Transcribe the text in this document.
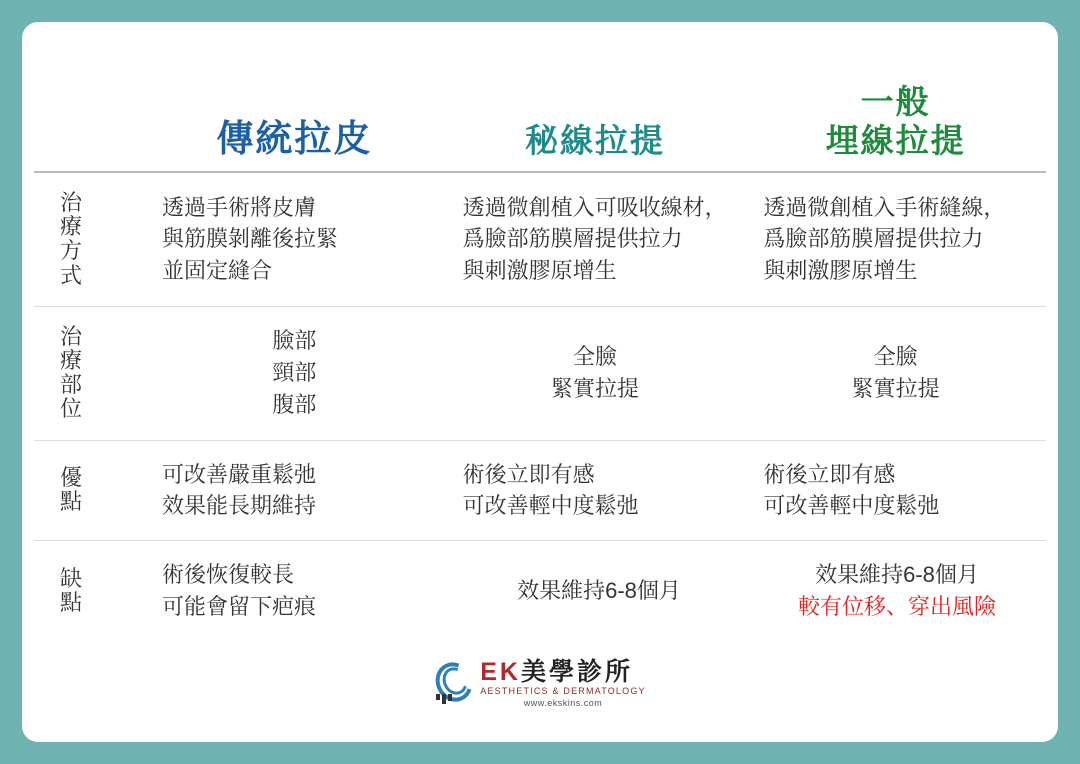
傳統拉皮	秘線拉提
一般
埋線拉提
治
療
方
式

透過手術將皮膚

與筋膜剝離後拉緊

並固定縫合

透過微創植入可吸收線材，

爲臉部筋膜層提供拉力

與刺激膠原增生

透過微創植入手術縫線，

爲臉部筋膜層提供拉力

與刺激膠原增生

治
療
部
位

臉部

頸部

腹部

全臉

緊實拉提

全臉

緊實拉提

優
點

可改善嚴重鬆弛

效果能長期維持

術後立即有感

可改善輕中度鬆弛

術後立即有感

可改善輕中度鬆弛

缺
點

術後恢復較長

可能會留下疤痕

效果維持6-8個月

效果維持6-8個月

較有位移、穿出風險

EK美學診所
AESTHETICS & DERMATOLOGY
www.ekskins.com
